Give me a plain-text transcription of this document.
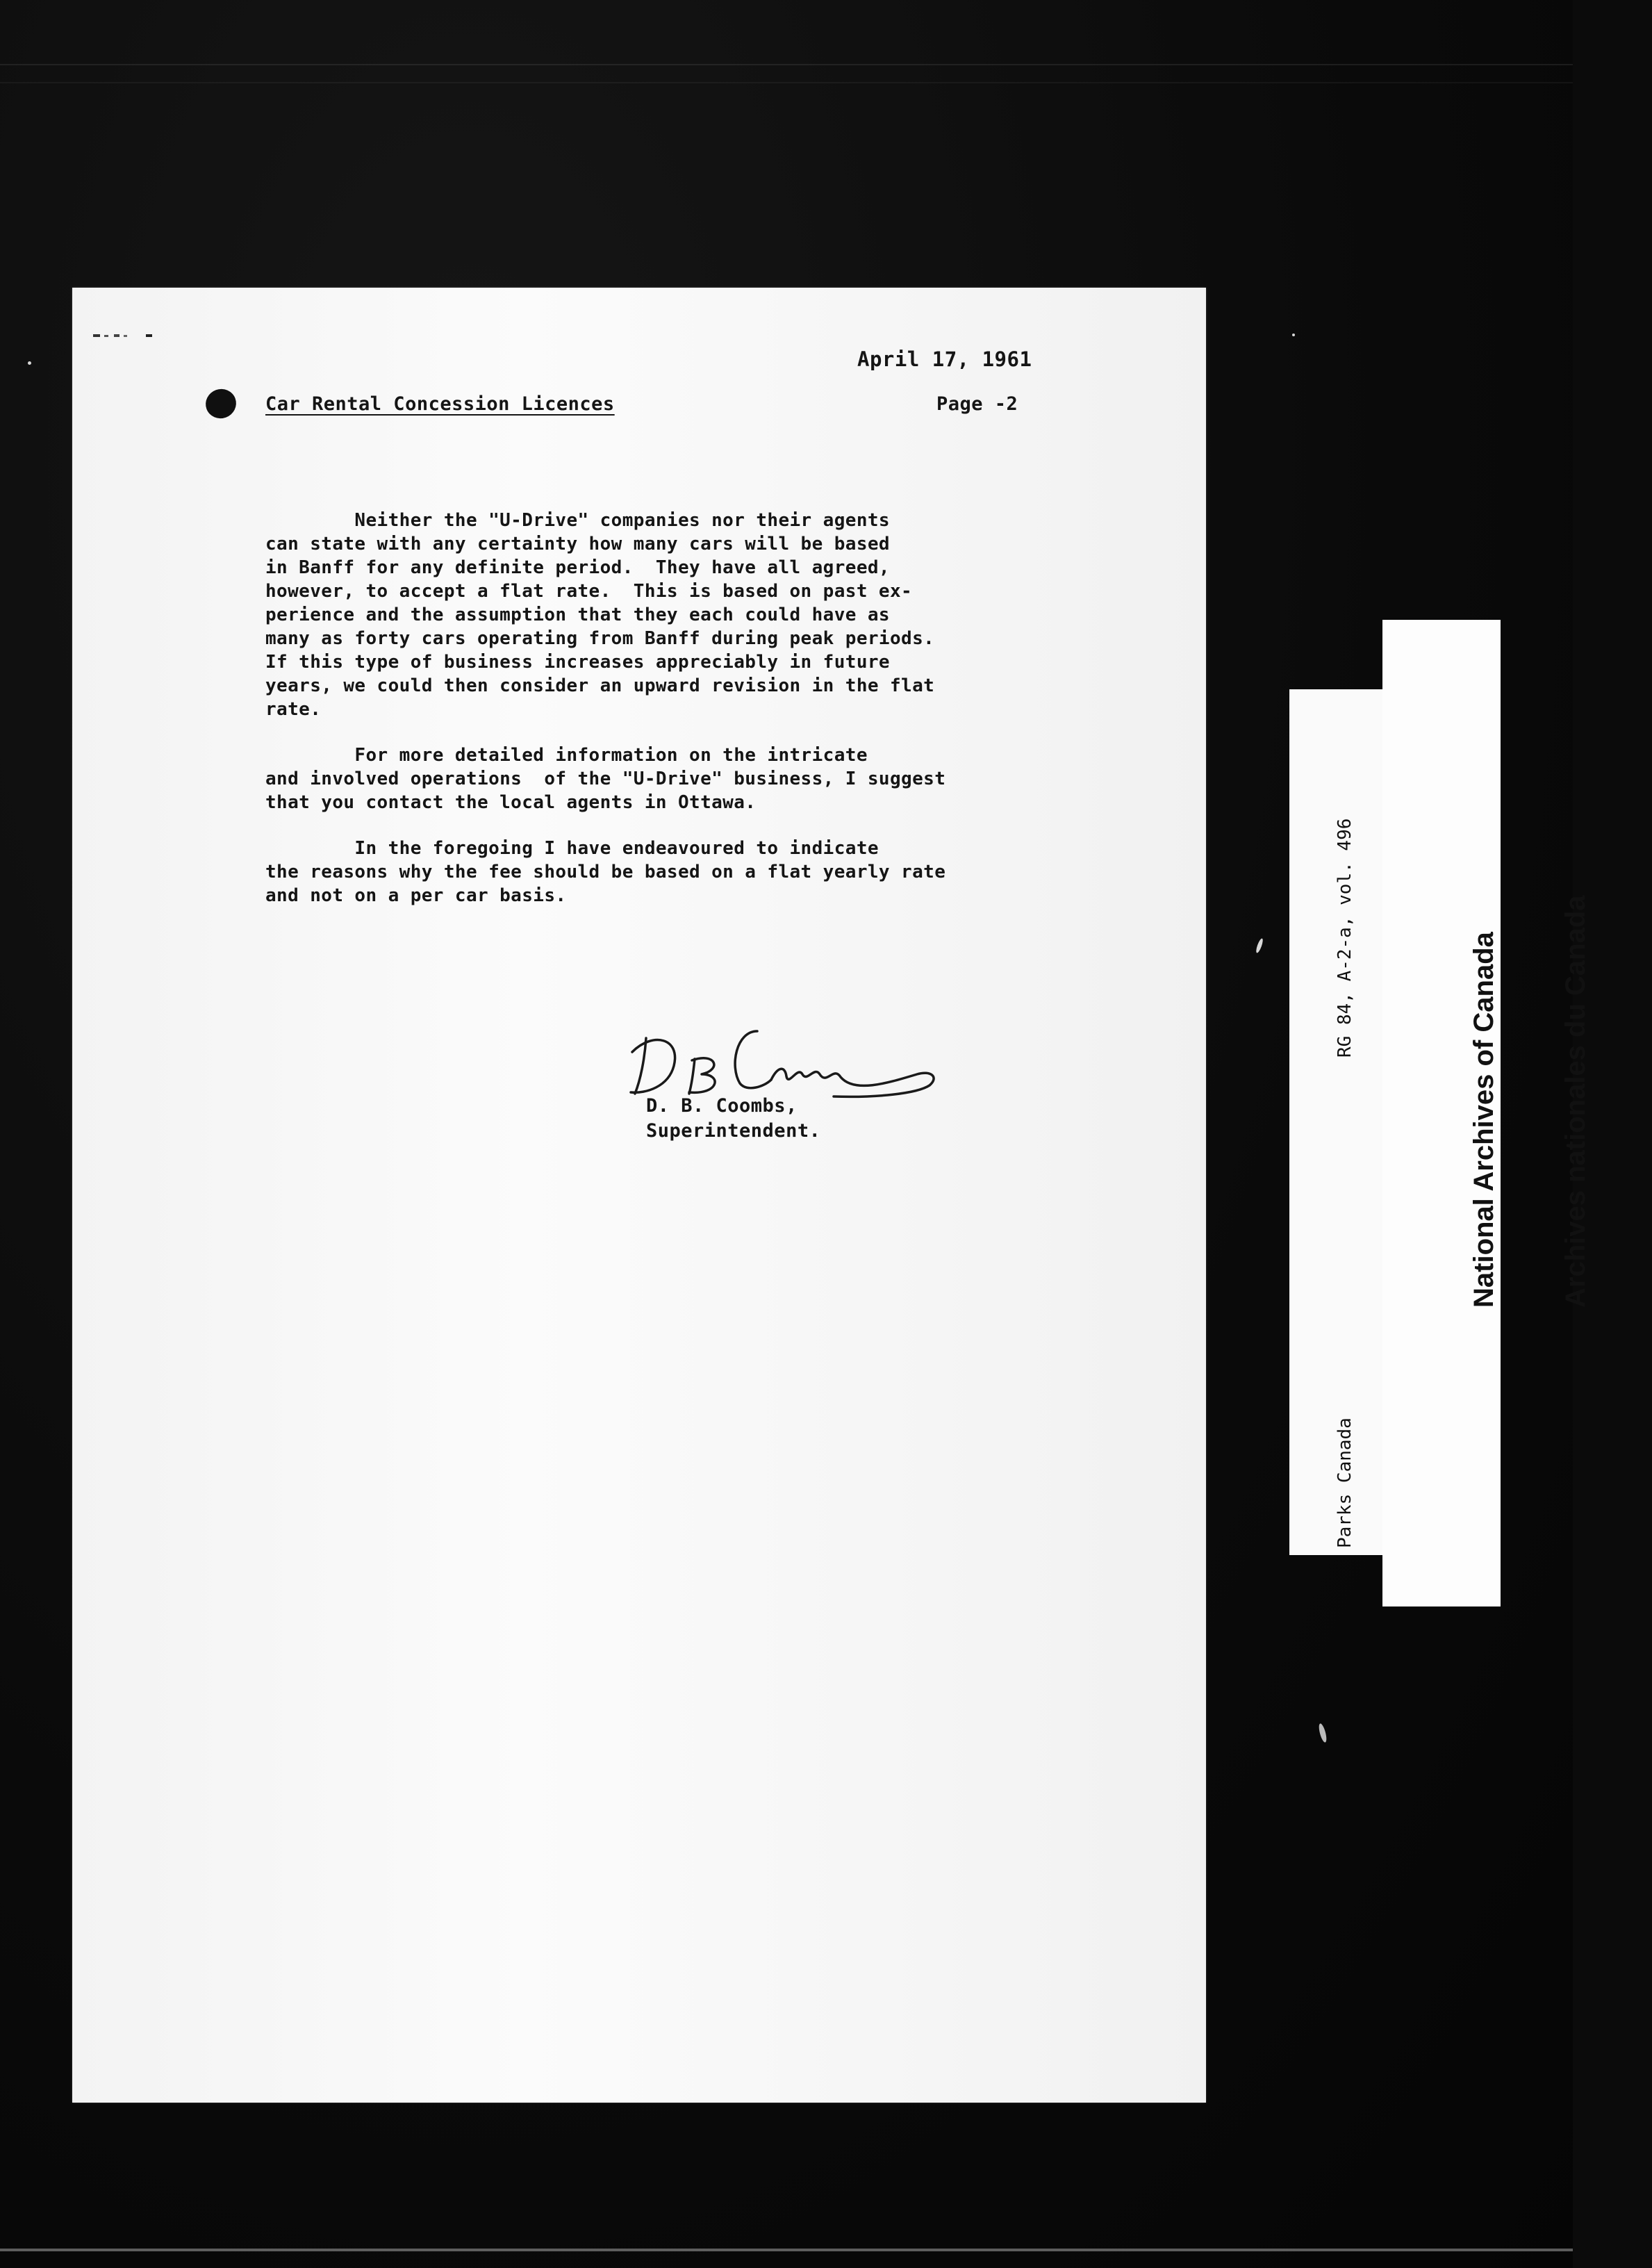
April 17, 1961
Car Rental Concession Licences	Page -2
Neither the "U-Drive" companies nor their agents
can state with any certainty how many cars will be based
in Banff for any definite period.  They have all agreed,
however, to accept a flat rate.  This is based on past ex-
perience and the assumption that they each could have as
many as forty cars operating from Banff during peak periods.
If this type of business increases appreciably in future
years, we could then consider an upward revision in the flat
rate.
For more detailed information on the intricate
and involved operations  of the "U-Drive" business, I suggest
that you contact the local agents in Ottawa.
In the foregoing I have endeavoured to indicate
the reasons why the fee should be based on a flat yearly rate
and not on a per car basis.
D. B. Coombs,
Superintendent.

RG 84, A-2-a, vol. 496

Parks Canada

National Archives of Canada

Archives nationales du Canada
